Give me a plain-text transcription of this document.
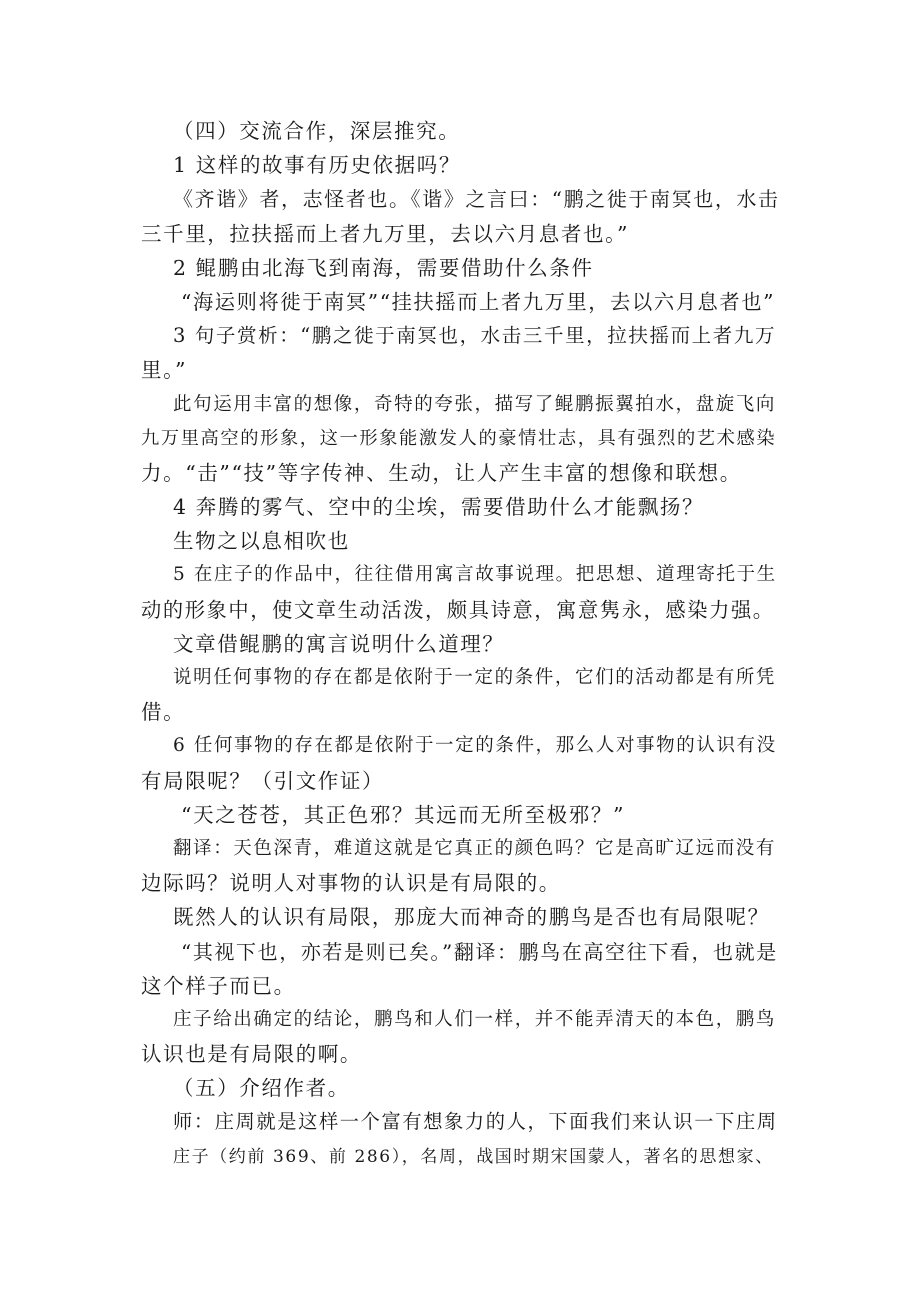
（四）交流合作，深层推究。
1 这样的故事有历史依据吗？
《齐谐》者，志怪者也。《谐》之言曰：“鹏之徙于南冥也，水击
三千里，拉扶摇而上者九万里，去以六月息者也。”
2 鲲鹏由北海飞到南海，需要借助什么条件
“海运则将徙于南冥”“挂扶摇而上者九万里，去以六月息者也”
3 句子赏析：“鹏之徙于南冥也，水击三千里，拉扶摇而上者九万
里。”
此句运用丰富的想像，奇特的夸张，描写了鲲鹏振翼拍水，盘旋飞向
九万里高空的形象，这一形象能激发人的豪情壮志，具有强烈的艺术感染
力。“击”“技”等字传神、生动，让人产生丰富的想像和联想。
4 奔腾的雾气、空中的尘埃，需要借助什么才能飘扬？
生物之以息相吹也
5 在庄子的作品中，往往借用寓言故事说理。把思想、道理寄托于生
动的形象中，使文章生动活泼，颇具诗意，寓意隽永，感染力强。
文章借鲲鹏的寓言说明什么道理？
说明任何事物的存在都是依附于一定的条件，它们的活动都是有所凭
借。
6 任何事物的存在都是依附于一定的条件，那么人对事物的认识有没
有局限呢？（引文作证）
“天之苍苍，其正色邪？其远而无所至极邪？”
翻译：天色深青，难道这就是它真正的颜色吗？它是高旷辽远而没有
边际吗？说明人对事物的认识是有局限的。
既然人的认识有局限，那庞大而神奇的鹏鸟是否也有局限呢？
“其视下也，亦若是则已矣。”翻译：鹏鸟在高空往下看，也就是
这个样子而已。
庄子给出确定的结论，鹏鸟和人们一样，并不能弄清天的本色，鹏鸟
认识也是有局限的啊。
（五）介绍作者。
师：庄周就是这样一个富有想象力的人，下面我们来认识一下庄周
庄子（约前 369、前 286），名周，战国时期宋国蒙人，著名的思想家、
